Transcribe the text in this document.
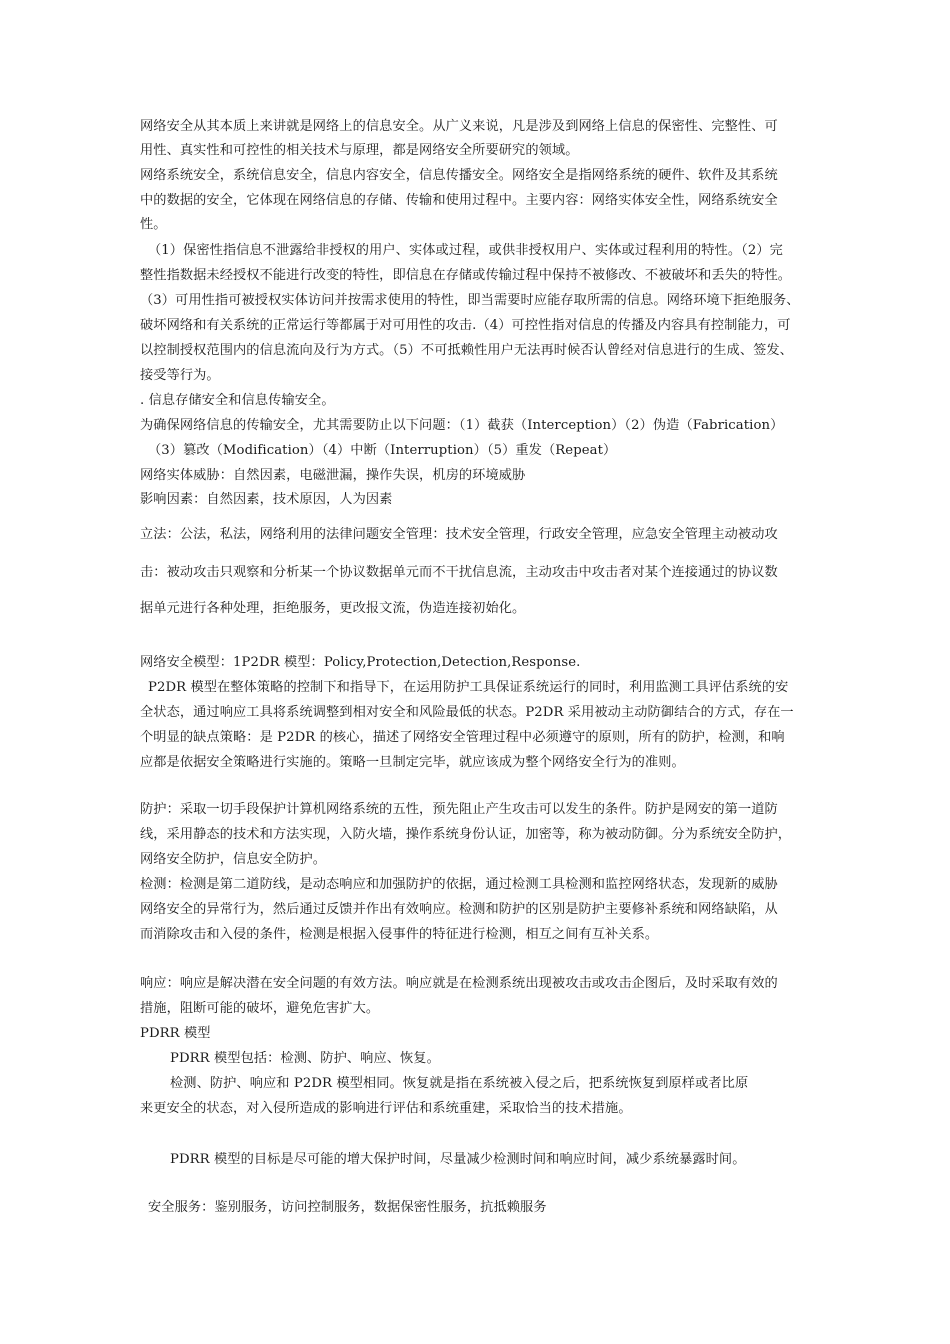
网络安全从其本质上来讲就是网络上的信息安全。从广义来说，凡是涉及到网络上信息的保密性、完整性、可
用性、真实性和可控性的相关技术与原理，都是网络安全所要研究的领域。
网络系统安全，系统信息安全，信息内容安全，信息传播安全。网络安全是指网络系统的硬件、软件及其系统
中的数据的安全，它体现在网络信息的存储、传输和使用过程中。主要内容：网络实体安全性，网络系统安全
性。
（1）保密性指信息不泄露给非授权的用户、实体或过程，或供非授权用户、实体或过程利用的特性。（2）完
整性指数据未经授权不能进行改变的特性，即信息在存储或传输过程中保持不被修改、不被破坏和丢失的特性。
（3）可用性指可被授权实体访问并按需求使用的特性，即当需要时应能存取所需的信息。网络环境下拒绝服务、
破坏网络和有关系统的正常运行等都属于对可用性的攻击.（4）可控性指对信息的传播及内容具有控制能力，可
以控制授权范围内的信息流向及行为方式。（5）不可抵赖性用户无法再时候否认曾经对信息进行的生成、签发、
接受等行为。
. 信息存储安全和信息传输安全。
为确保网络信息的传输安全，尤其需要防止以下问题：（1）截获（Interception）（2）伪造（Fabrication）
（3）篡改（Modification）（4）中断（Interruption）（5）重发（Repeat）
网络实体威胁：自然因素，电磁泄漏，操作失误，机房的环境威胁
影响因素：自然因素，技术原因，人为因素
立法：公法，私法，网络利用的法律问题安全管理：技术安全管理，行政安全管理，应急安全管理主动被动攻
击：被动攻击只观察和分析某一个协议数据单元而不干扰信息流，主动攻击中攻击者对某个连接通过的协议数
据单元进行各种处理，拒绝服务，更改报文流，伪造连接初始化。
网络安全模型：1P2DR 模型：Policy,Protection,Detection,Response.
P2DR 模型在整体策略的控制下和指导下，在运用防护工具保证系统运行的同时，利用监测工具评估系统的安
全状态，通过响应工具将系统调整到相对安全和风险最低的状态。P2DR 采用被动主动防御结合的方式，存在一
个明显的缺点策略：是 P2DR 的核心，描述了网络安全管理过程中必须遵守的原则，所有的防护，检测，和响
应都是依据安全策略进行实施的。策略一旦制定完毕，就应该成为整个网络安全行为的准则。
防护：采取一切手段保护计算机网络系统的五性，预先阻止产生攻击可以发生的条件。防护是网安的第一道防
线，采用静态的技术和方法实现，入防火墙，操作系统身份认证，加密等，称为被动防御。分为系统安全防护，
网络安全防护，信息安全防护。
检测：检测是第二道防线，是动态响应和加强防护的依据，通过检测工具检测和监控网络状态，发现新的威胁
网络安全的异常行为，然后通过反馈并作出有效响应。检测和防护的区别是防护主要修补系统和网络缺陷，从
而消除攻击和入侵的条件，检测是根据入侵事件的特征进行检测，相互之间有互补关系。
响应：响应是解决潜在安全问题的有效方法。响应就是在检测系统出现被攻击或攻击企图后，及时采取有效的
措施，阻断可能的破坏，避免危害扩大。
PDRR 模型
PDRR 模型包括：检测、防护、响应、恢复。
检测、防护、响应和 P2DR 模型相同。恢复就是指在系统被入侵之后，把系统恢复到原样或者比原
来更安全的状态，对入侵所造成的影响进行评估和系统重建，采取恰当的技术措施。
PDRR 模型的目标是尽可能的增大保护时间，尽量减少检测时间和响应时间，减少系统暴露时间。
安全服务：鉴别服务，访问控制服务，数据保密性服务，抗抵赖服务
